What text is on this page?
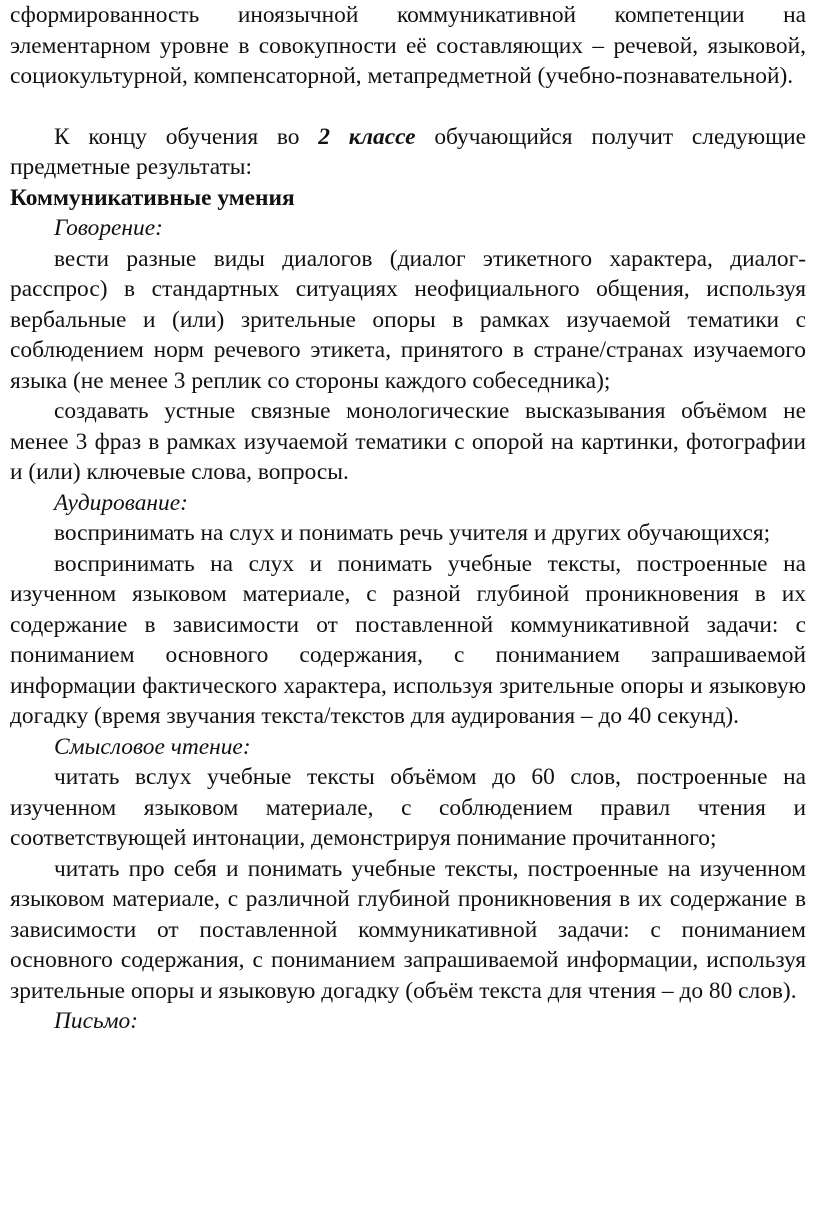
сформированность иноязычной коммуникативной компетенции на элементарном уровне в совокупности её составляющих – речевой, языковой, социокультурной, компенсаторной, метапредметной (учебно-познавательной).

К концу обучения во 2 классе обучающийся получит следующие предметные результаты:

Коммуникативные умения

Говорение:

вести разные виды диалогов (диалог этикетного характера, диалог-расспрос) в стандартных ситуациях неофициального общения, используя вербальные и (или) зрительные опоры в рамках изучаемой тематики с соблюдением норм речевого этикета, принятого в стране/странах изучаемого языка (не менее 3 реплик со стороны каждого собеседника);

создавать устные связные монологические высказывания объёмом не менее 3 фраз в рамках изучаемой тематики с опорой на картинки, фотографии и (или) ключевые слова, вопросы.

Аудирование:

воспринимать на слух и понимать речь учителя и других обучающихся;

воспринимать на слух и понимать учебные тексты, построенные на изученном языковом материале, с разной глубиной проникновения в их содержание в зависимости от поставленной коммуникативной задачи: с пониманием основного содержания, с пониманием запрашиваемой информации фактического характера, используя зрительные опоры и языковую догадку (время звучания текста/текстов для аудирования – до 40 секунд).

Смысловое чтение:

читать вслух учебные тексты объёмом до 60 слов, построенные на изученном языковом материале, с соблюдением правил чтения и соответствующей интонации, демонстрируя понимание прочитанного;

читать про себя и понимать учебные тексты, построенные на изученном языковом материале, с различной глубиной проникновения в их содержание в зависимости от поставленной коммуникативной задачи: с пониманием основного содержания, с пониманием запрашиваемой информации, используя зрительные опоры и языковую догадку (объём текста для чтения – до 80 слов).

Письмо:
